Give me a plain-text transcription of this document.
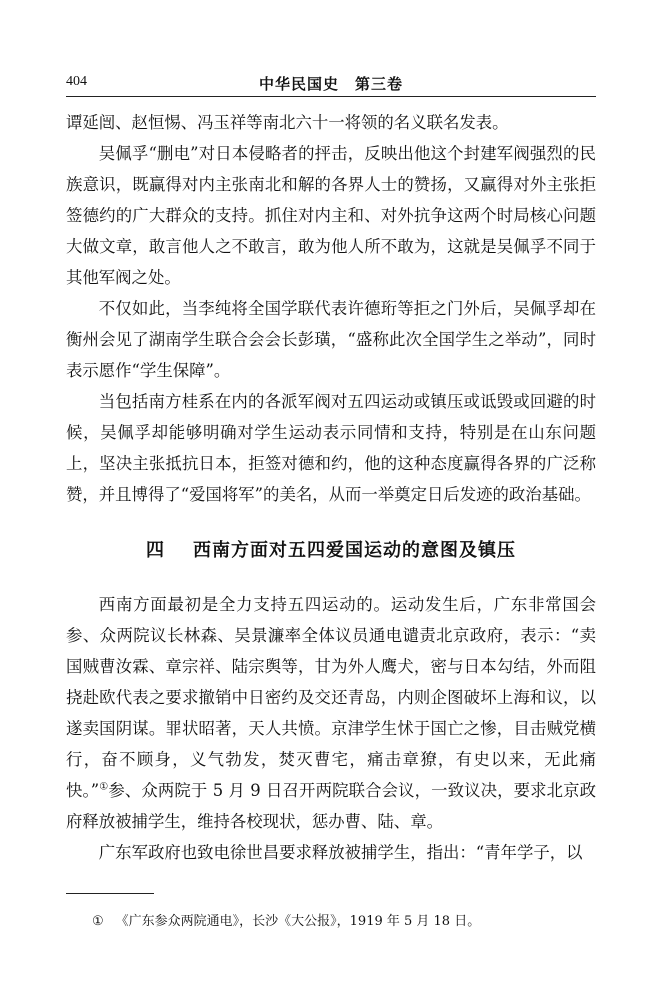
404	中华民国史　第三卷

谭延闿、赵恒惕、冯玉祥等南北六十一将领的名义联名发表。

吴佩孚“删电”对日本侵略者的抨击，反映出他这个封建军阀强烈的民族意识，既赢得对内主张南北和解的各界人士的赞扬，又赢得对外主张拒签德约的广大群众的支持。抓住对内主和、对外抗争这两个时局核心问题大做文章，敢言他人之不敢言，敢为他人所不敢为，这就是吴佩孚不同于其他军阀之处。

不仅如此，当李纯将全国学联代表许德珩等拒之门外后，吴佩孚却在衡州会见了湖南学生联合会会长彭璜，“盛称此次全国学生之举动”，同时表示愿作“学生保障”。

当包括南方桂系在内的各派军阀对五四运动或镇压或诋毁或回避的时候，吴佩孚却能够明确对学生运动表示同情和支持，特别是在山东问题上，坚决主张抵抗日本，拒签对德和约，他的这种态度赢得各界的广泛称赞，并且博得了“爱国将军”的美名，从而一举奠定日后发迹的政治基础。

四 西南方面对五四爱国运动的意图及镇压

西南方面最初是全力支持五四运动的。运动发生后，广东非常国会参、众两院议长林森、吴景濂率全体议员通电谴责北京政府，表示：“卖国贼曹汝霖、章宗祥、陆宗舆等，甘为外人鹰犬，密与日本勾结，外而阻挠赴欧代表之要求撤销中日密约及交还青岛，内则企图破坏上海和议，以遂卖国阴谋。罪状昭著，天人共愤。京津学生怵于国亡之惨，目击贼党横行，奋不顾身，义气勃发，焚灭曹宅，痛击章獠，有史以来，无此痛快。”①参、众两院于 5 月 9 日召开两院联合会议，一致议决，要求北京政府释放被捕学生，维持各校现状，惩办曹、陆、章。

广东军政府也致电徐世昌要求释放被捕学生，指出：“青年学子，以

① 《广东参众两院通电》，长沙《大公报》，1919 年 5 月 18 日。
